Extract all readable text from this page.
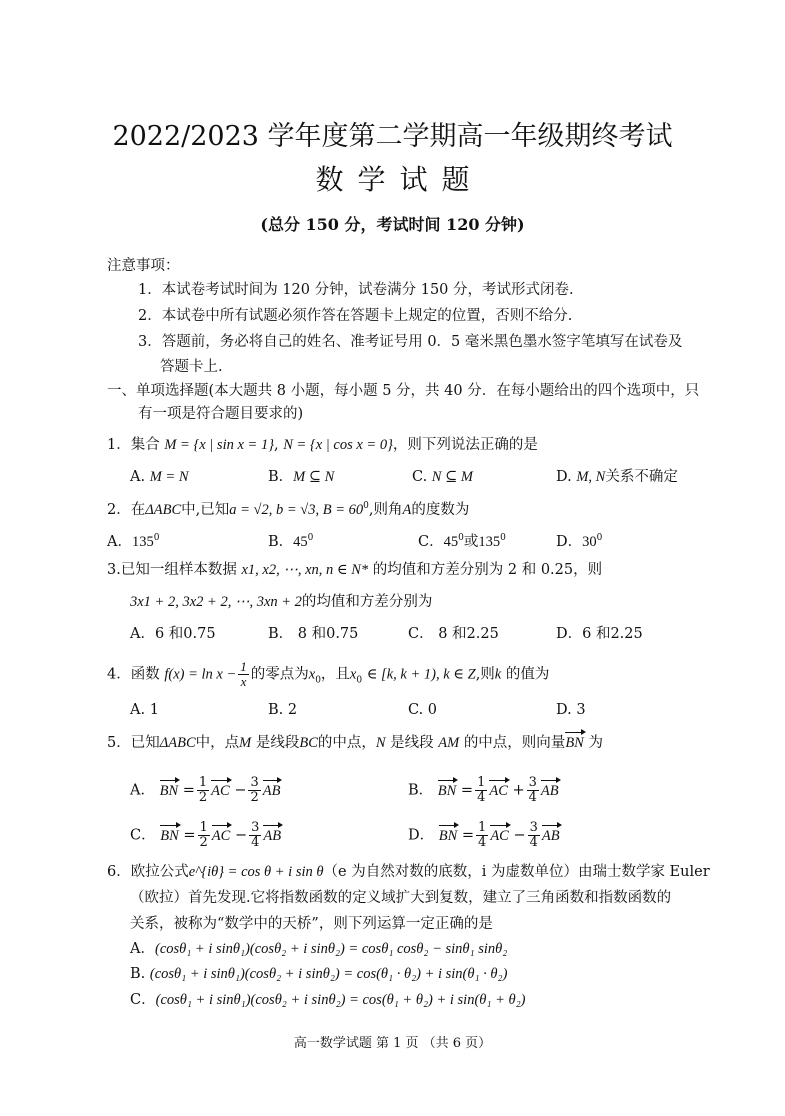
2022/2023 学年度第二学期高一年级期终考试
数学试题
(总分 150 分，考试时间 120 分钟)
注意事项：
1．本试卷考试时间为 120 分钟，试卷满分 150 分，考试形式闭卷.
2．本试卷中所有试题必须作答在答题卡上规定的位置，否则不给分.
3．答题前，务必将自己的姓名、准考证号用 0．5 毫米黑色墨水签字笔填写在试卷及
答题卡上.
一、单项选择题(本大题共 8 小题，每小题 5 分，共 40 分．在每小题给出的四个选项中，只
有一项是符合题目要求的)
1．集合 M = {x | sin x = 1}, N = {x | cos x = 0}，则下列说法正确的是
A. M = N	B．M ⊆ N	C. N ⊆ M	D. M, N关系不确定
2．在ΔABC中,已知a = √2, b = √3, $B = 60^0$,则角A的度数为
A．$135^0$	B．$45^0$	C．$45^0$或$135^0$	D．$30^0$
3.已知一组样本数据 x1, x2, ⋯, xn, n ∈ N* 的均值和方差分别为 2 和 0.25，则
3x1 + 2, 3x2 + 2, ⋯, 3xn + 2的均值和方差分别为
A．6 和0.75	B． 8 和0.75	C． 8 和2.25	D．6 和2.25
4．函数 $f(x) = \ln x - \frac{1}{x}$ 的零点为$x_0$，且$x_0$ ∈ [k, k + 1), k ∈ Z,则k 的值为
A. 1	B. 2	C. 0	D. 3
5．已知ΔABC中，点M 是线段BC的中点，N 是线段 AM 的中点，则向量BN 为
A． BN = $\frac{1}{2}$ AC − $\frac{3}{2}$ AB	B． BN = $\frac{1}{4}$ AC + $\frac{3}{4}$ AB
C． BN = $\frac{1}{2}$ AC − $\frac{3}{4}$ AB	D． BN = $\frac{1}{4}$ AC − $\frac{3}{4}$ AB
6．欧拉公式e^{iθ} = cos θ + i sin θ（e 为自然对数的底数，i 为虚数单位）由瑞士数学家 Euler
（欧拉）首先发现.它将指数函数的定义域扩大到复数，建立了三角函数和指数函数的
关系，被称为“数学中的天桥”，则下列运算一定正确的是
A．(cosθ₁ + i sinθ₁)(cosθ₂ + i sinθ₂) = cosθ₁ cosθ₂ − sinθ₁ sinθ₂
B. (cosθ₁ + i sinθ₁)(cosθ₂ + i sinθ₂) = cos(θ₁ · θ₂) + i sin(θ₁ · θ₂)
C．(cosθ₁ + i sinθ₁)(cosθ₂ + i sinθ₂) = cos(θ₁ + θ₂) + i sin(θ₁ + θ₂)
高一数学试题 第 1 页 （共 6 页）
